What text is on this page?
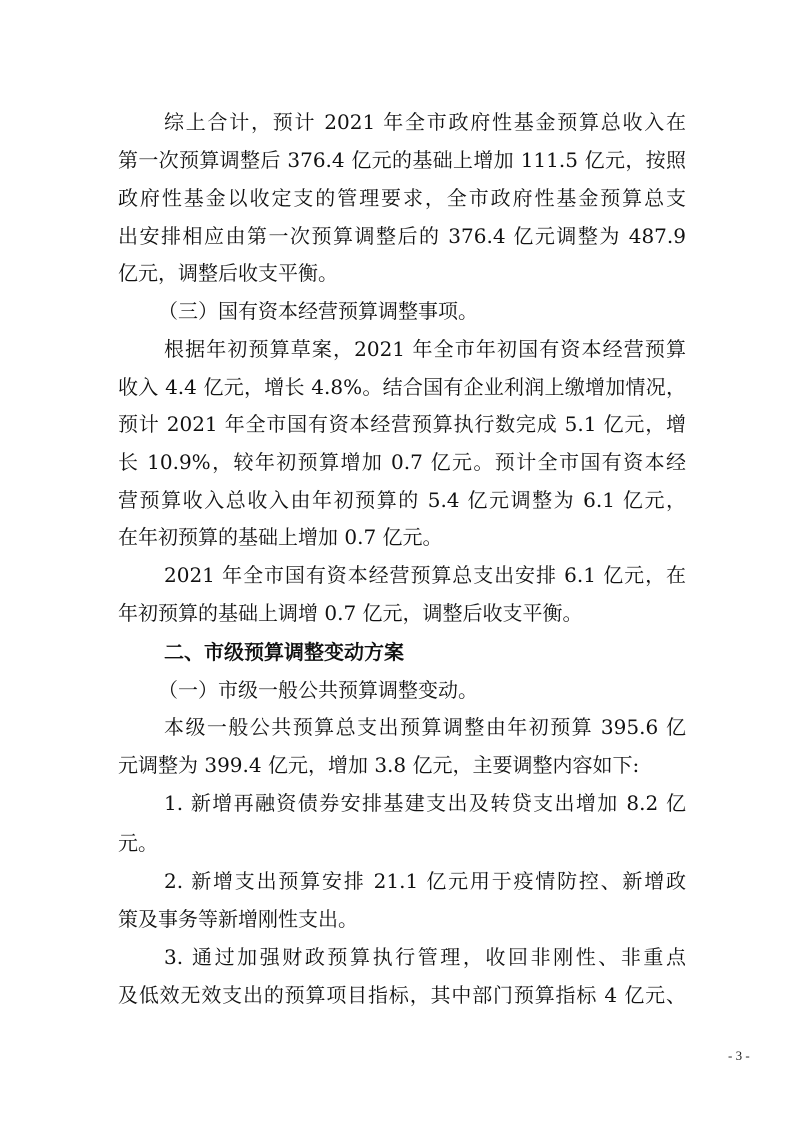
综上合计，预计 2021 年全市政府性基金预算总收入在
第一次预算调整后 376.4 亿元的基础上增加 111.5 亿元，按照
政府性基金以收定支的管理要求，全市政府性基金预算总支
出安排相应由第一次预算调整后的 376.4 亿元调整为 487.9
亿元，调整后收支平衡。
（三）国有资本经营预算调整事项。
根据年初预算草案，2021 年全市年初国有资本经营预算
收入 4.4 亿元，增长 4.8%。结合国有企业利润上缴增加情况，
预计 2021 年全市国有资本经营预算执行数完成 5.1 亿元，增
长 10.9%，较年初预算增加 0.7 亿元。预计全市国有资本经
营预算收入总收入由年初预算的 5.4 亿元调整为 6.1 亿元，
在年初预算的基础上增加 0.7 亿元。
2021 年全市国有资本经营预算总支出安排 6.1 亿元，在
年初预算的基础上调增 0.7 亿元，调整后收支平衡。
二、市级预算调整变动方案
（一）市级一般公共预算调整变动。
本级一般公共预算总支出预算调整由年初预算 395.6 亿
元调整为 399.4 亿元，增加 3.8 亿元，主要调整内容如下:
1. 新增再融资债券安排基建支出及转贷支出增加 8.2 亿
元。
2. 新增支出预算安排 21.1 亿元用于疫情防控、新增政
策及事务等新增刚性支出。
3. 通过加强财政预算执行管理，收回非刚性、非重点
及低效无效支出的预算项目指标，其中部门预算指标 4 亿元、
- 3 -
